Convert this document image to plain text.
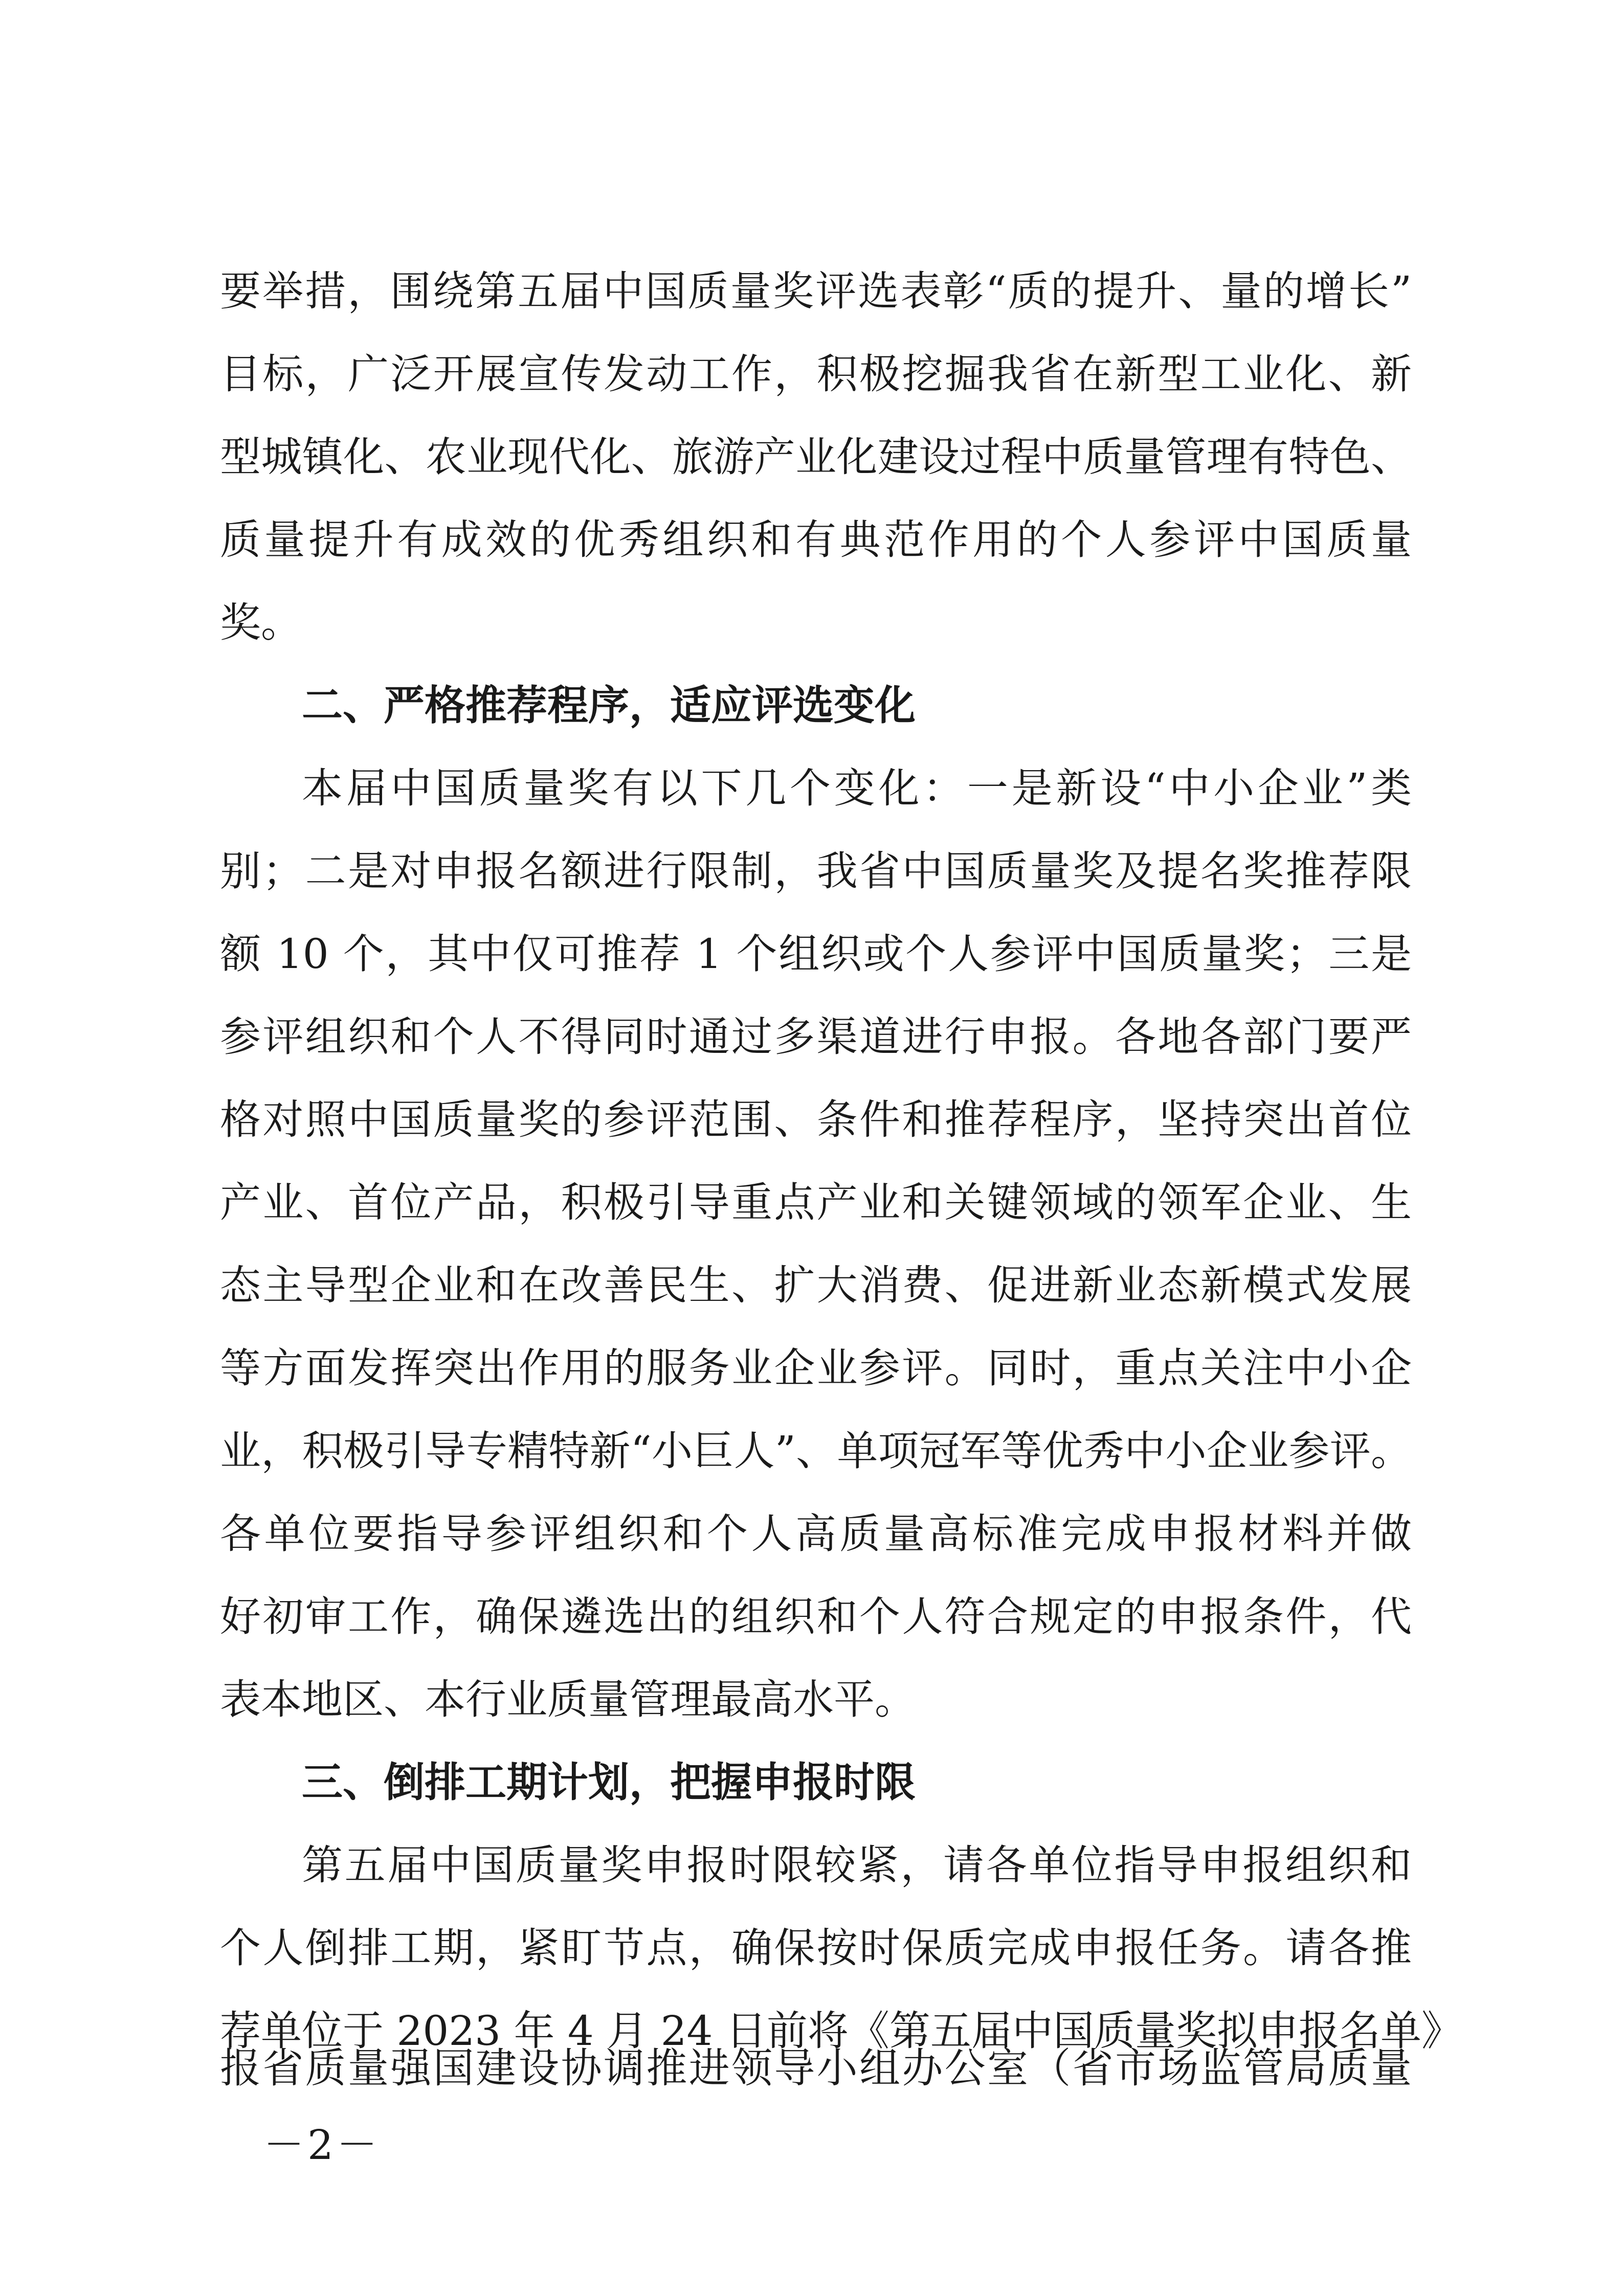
要举措，围绕第五届中国质量奖评选表彰“质的提升、量的增长”
目标，广泛开展宣传发动工作，积极挖掘我省在新型工业化、新
型城镇化、农业现代化、旅游产业化建设过程中质量管理有特色、
质量提升有成效的优秀组织和有典范作用的个人参评中国质量
奖。
二、严格推荐程序，适应评选变化
本届中国质量奖有以下几个变化：一是新设“中小企业”类
别；二是对申报名额进行限制，我省中国质量奖及提名奖推荐限
额 10 个，其中仅可推荐 1 个组织或个人参评中国质量奖；三是
参评组织和个人不得同时通过多渠道进行申报。各地各部门要严
格对照中国质量奖的参评范围、条件和推荐程序，坚持突出首位
产业、首位产品，积极引导重点产业和关键领域的领军企业、生
态主导型企业和在改善民生、扩大消费、促进新业态新模式发展
等方面发挥突出作用的服务业企业参评。同时，重点关注中小企
业，积极引导专精特新“小巨人”、单项冠军等优秀中小企业参评。
各单位要指导参评组织和个人高质量高标准完成申报材料并做
好初审工作，确保遴选出的组织和个人符合规定的申报条件，代
表本地区、本行业质量管理最高水平。
三、倒排工期计划，把握申报时限
第五届中国质量奖申报时限较紧，请各单位指导申报组织和
个人倒排工期，紧盯节点，确保按时保质完成申报任务。请各推
荐单位于 2023 年 4 月 24 日前将《第五届中国质量奖拟申报名单》
报省质量强国建设协调推进领导小组办公室（省市场监管局质量
－2－
